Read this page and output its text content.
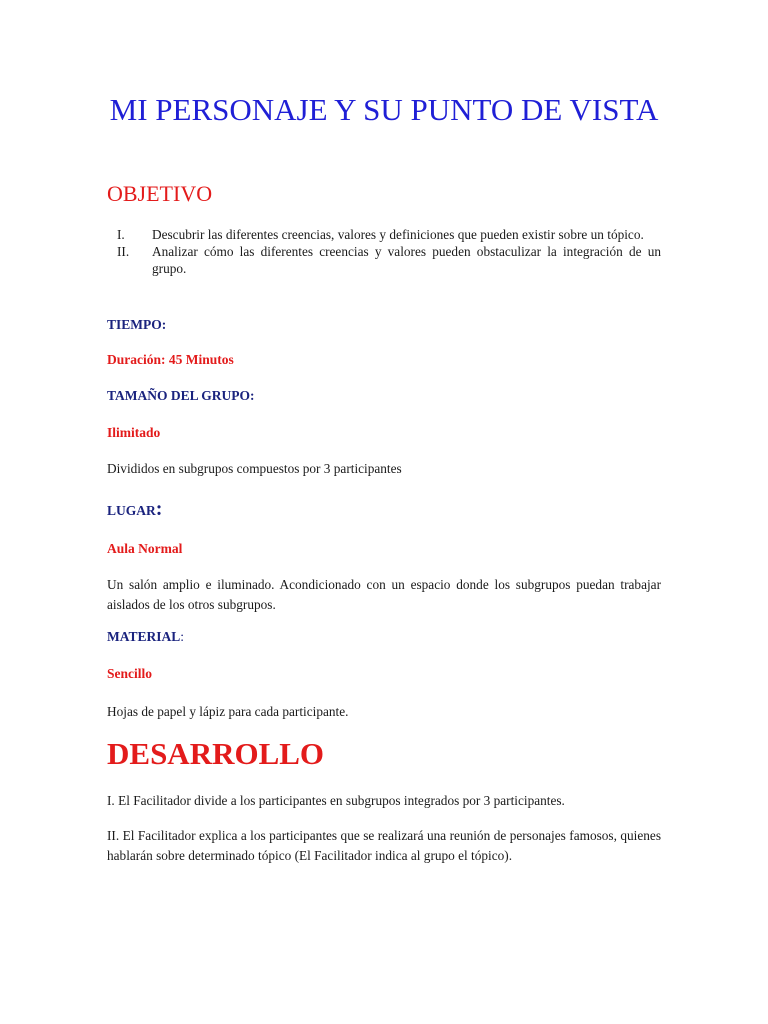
MI PERSONAJE Y SU PUNTO DE VISTA
OBJETIVO
I. Descubrir las diferentes creencias, valores y definiciones que pueden existir sobre un tópico.
II. Analizar cómo las diferentes creencias y valores pueden obstaculizar la integración de un grupo.
TIEMPO:
Duración: 45 Minutos
TAMAÑO DEL GRUPO:
Ilimitado
Divididos en subgrupos compuestos por 3 participantes
LUGAR:
Aula Normal
Un salón amplio e iluminado. Acondicionado con un espacio donde los subgrupos puedan trabajar aislados de los otros subgrupos.
MATERIAL:
Sencillo
Hojas de papel y lápiz para cada participante.
DESARROLLO
I. El Facilitador divide a los participantes en subgrupos integrados por 3 participantes.
II. El Facilitador explica a los participantes que se realizará una reunión de personajes famosos, quienes hablarán sobre determinado tópico (El Facilitador indica al grupo el tópico).
